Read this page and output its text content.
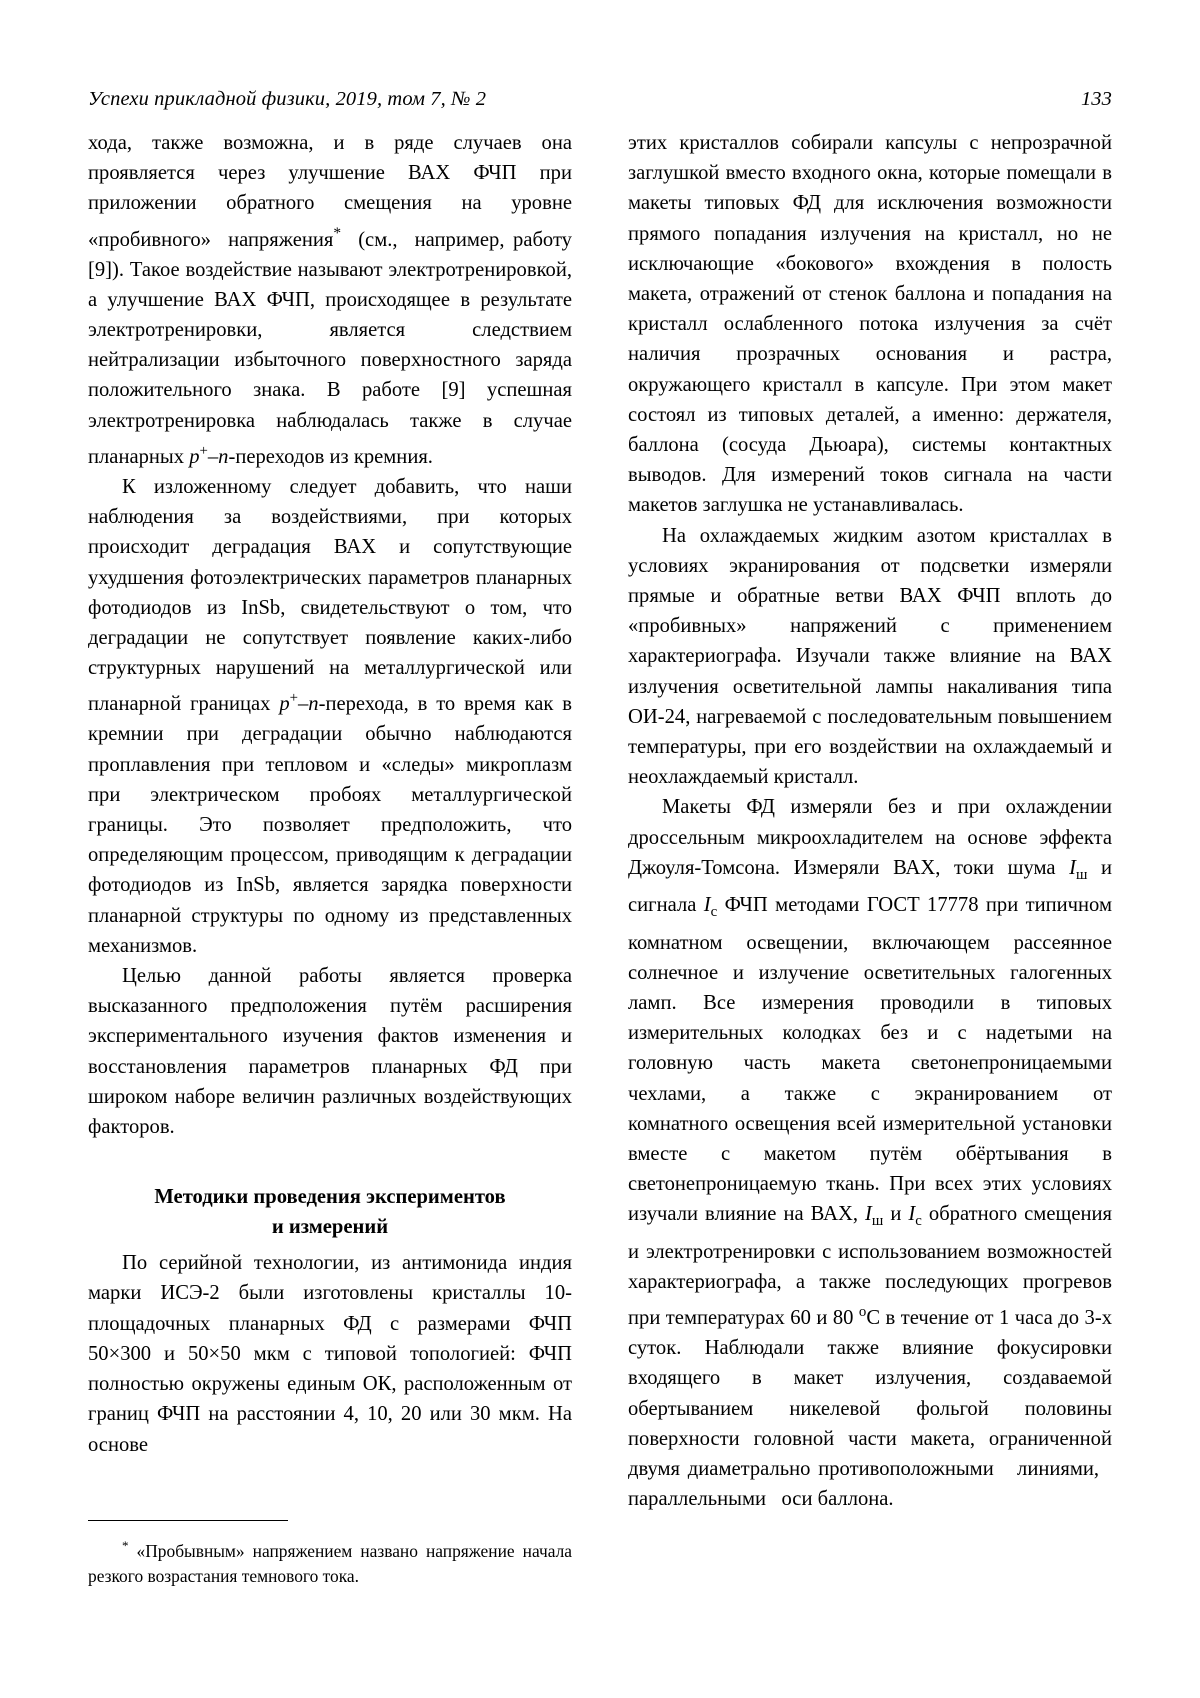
Успехи прикладной физики, 2019, том 7, № 2	133

хода, также возможна, и в ряде случаев она проявляется через улучшение ВАХ ФЧП при приложении обратного смещения на уровне «пробивного»  напряжения*  (см.,  например, работу [9]). Такое воздействие называют электротренировкой, а улучшение ВАХ ФЧП, происходящее в результате электротренировки, является следствием нейтрализации избыточного поверхностного заряда положительного   знака.   В   работе   [9]   успешная электротренировка наблюдалась также в случае планарных p+–n-переходов из кремния.

К изложенному следует добавить, что наши наблюдения за воздействиями, при которых происходит деградация ВАХ и сопутствующие ухудшения фотоэлектрических параметров планарных фотодиодов из InSb, свидетельствуют о том, что деградации не сопутствует появление каких-либо структурных нарушений на металлургической или планарной границах p+–n-перехода, в то время как в кремнии при деградации обычно наблюдаются проплавления при тепловом и «следы» микроплазм при электрическом пробоях металлургической границы. Это позволяет предположить, что определяющим процессом, приводящим к деградации фотодиодов из InSb, является зарядка поверхности планарной структуры по одному из представленных механизмов.

Целью данной работы является проверка высказанного предположения путём расширения экспериментального изучения фактов изменения и восстановления параметров планарных ФД при широком наборе величин различных воздействующих факторов.

Методики проведения экспериментов
и измерений

По серийной технологии, из антимонида индия марки ИСЭ-2 были изготовлены кристаллы 10-площадочных планарных ФД с размерами ФЧП 50×300 и 50×50 мкм с типовой топологией: ФЧП полностью окружены единым ОК, расположенным от границ ФЧП на расстоянии 4, 10, 20 или 30 мкм. На основе

этих кристаллов собирали капсулы с непрозрачной заглушкой вместо входного окна, которые помещали в макеты типовых ФД для исключения возможности прямого попадания излучения на кристалл, но не исключающие «бокового» вхождения в полость макета, отражений от стенок баллона и попадания на кристалл ослабленного потока излучения за счёт наличия прозрачных основания и растра, окружающего кристалл в капсуле. При этом макет состоял из типовых деталей, а именно: держателя, баллона (сосуда Дьюара), системы контактных выводов. Для измерений токов сигнала на части макетов заглушка не устанавливалась.

На охлаждаемых жидким азотом кристаллах в условиях экранирования от подсветки измеряли прямые и обратные ветви ВАХ ФЧП вплоть до «пробивных» напряжений с применением характериографа. Изучали также влияние на ВАХ излучения осветительной лампы накаливания типа ОИ-24, нагреваемой с последовательным повышением температуры, при его воздействии на охлаждаемый и неохлаждаемый кристалл.

Макеты ФД измеряли без и при охлаждении дроссельным микроохладителем на основе эффекта Джоуля-Томсона. Измеряли ВАХ, токи шума $I_ш$ и сигнала $I_с$ ФЧП методами ГОСТ 17778 при типичном комнатном освещении, включающем рассеянное солнечное и излучение осветительных галогенных ламп. Все измерения проводили в типовых измерительных колодках без и с надетыми на головную часть макета светонепроницаемыми чехлами,    а    также    с    экранированием    от комнатного освещения всей измерительной установки вместе с макетом путём обёртывания в светонепроницаемую ткань. При всех этих условиях изучали влияние на ВАХ, $I_ш$ и $I_с$ обратного смещения и электротренировки с использованием возможностей характериографа, а также последующих прогревов при температурах 60 и 80 $^о$C в течение от 1 часа до 3-х суток. Наблюдали также влияние фокусировки входящего в макет излучения, создаваемой обертыванием никелевой фольгой половины поверхности головной части макета, ограниченной двумя диаметрально противоположными   линиями,   параллельными   оси баллона.

* «Пробывным» напряжением названо напряжение начала резкого возрастания темнового тока.
